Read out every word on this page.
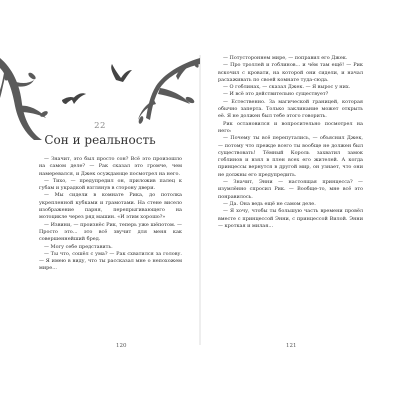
22
Сон и реальность

— Значит, это был просто сон? Всё это произошло на самом деле? — Рак сказал это громче, чем намеревался, и Джек осуждающе посмотрел на него.

— Тихо, — предупредил он, приложив палец к губам и украдкой взглянув в сторону двери.

— Мы сидели в комнате Рика, до потолка укрепленной кубками и грамотами. На стене висело изображение парня, перепрыгивающего на мотоцикле через ряд машин. «И этим хорошо?»

— Извини, — произнёс Рик, теперь уже шёпотом. — Просто это... это всё звучит для меня как совершеннейший бред.

— Могу себе представить.

— Ты что, сошёл с ума? — Рак схватился за голову. — Я имею в виду, что ты рассказал мне о непохожем мире...

— Потустороннем мире, — поправил его Джек.

— Про троллей и гоблинов... и чём там ещё! — Рик вскочил с кровати, на которой они сидели, и начал расхаживать по своей комнате туда-сюда.

— О гоблинах, — сказал Джек. — Я вырос у них.

— И всё это действительно существует?

— Естественно. За магической границей, которая обычно заперта. Только заклинание может открыть её. Я не должен был тебе этого говорить.

Рик остановился и вопросительно посмотрел на него:

— Почему ты всё перепутались, — объяснил Джек, — потому что прежде всего ты вообще не должен был существовать! Тёмный Король захватил замок гоблинов и взял в плен всех его жителей. А когда принцессы вернутся в другой мир, он узнает, что они не должны его предупредить.

— Значит, Энни — настоящая принцесса? — изумлённо спросил Рик. — Вообще-то, мне всё это понравилось.

— Да. Она ведь ещё не самом деле.

— Я хочу, чтобы ты большую часть времени провёл вместе с принцессой Энни, с принцессой Вилой. Энни — кроткая и милая...

120	121
